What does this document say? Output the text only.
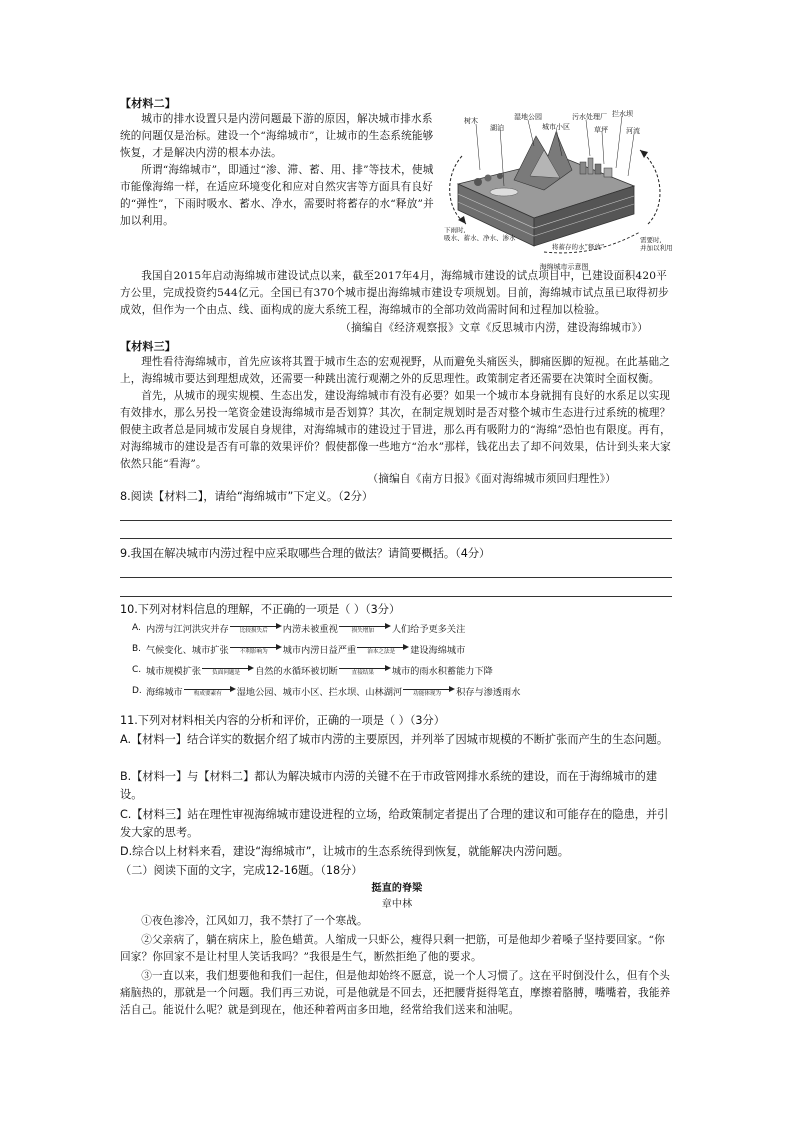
【材料二】
城市的排水设置只是内涝问题最下游的原因，解决城市排水系统的问题仅是治标。建设一个“海绵城市”，让城市的生态系统能够恢复，才是解决内涝的根本办法。
所谓“海绵城市”，即通过“渗、滞、蓄、用、排”等技术，使城市能像海绵一样，在适应环境变化和应对自然灾害等方面具有良好的“弹性”，下雨时吸水、蓄水、净水，需要时将蓄存的水“释放”并加以利用。
树木
湖泊
湿地公园
城市小区
污水处理厂
草坪
拦水坝
河流
下雨时,
吸水、蓄水、净水、渗水
将蓄存的水“释放”
需要时,
并加以利用
海绵城市示意图
我国自2015年启动海绵城市建设试点以来，截至2017年4月，海绵城市建设的试点项目中，已建设面积420平方公里，完成投资约544亿元。全国已有370个城市提出海绵城市建设专项规划。目前，海绵城市试点虽已取得初步成效，但作为一个由点、线、面构成的庞大系统工程，海绵城市的全部功效尚需时间和过程加以检验。
（摘编自《经济观察报》文章《反思城市内涝，建设海绵城市》）
【材料三】
理性看待海绵城市，首先应该将其置于城市生态的宏观视野，从而避免头痛医头，脚痛医脚的短视。在此基础之上，海绵城市要达到理想成效，还需要一种跳出流行观潮之外的反思理性。政策制定者还需要在决策时全面权衡。
首先，从城市的现实规模、生态出发，建设海绵城市有没有必要？如果一个城市本身就拥有良好的水系足以实现有效排水，那么另投一笔资金建设海绵城市是否划算？其次，在制定规划时是否对整个城市生态进行过系统的梳理？假使主政者总是同城市发展自身规律，对海绵城市的建设过于冒进，那么再有吸附力的“海绵”恐怕也有限度。再有，对海绵城市的建设是否有可靠的效果评价？假使都像一些地方“治水”那样，钱花出去了却不问效果，估计到头来大家依然只能“看海”。
（摘编自《南方日报》《面对海绵城市须回归理性》）
8.阅读【材料二】，请给“海绵城市”下定义。（2分）
9.我国在解决城市内涝过程中应采取哪些合理的做法？请简要概括。（4分）
10.下列对材料信息的理解，不正确的一项是（ ）（3分）
A. 内涝与江河洪灾并存	比较损失后	内涝未被重视	损失增加	人们给予更多关注
B. 气候变化、城市扩张	不利影响为	城市内涝日益严重	治本之法是	建设海绵城市
C. 城市规模扩张	负面问题是	自然的水循环被切断	直接结果	城市的雨水积蓄能力下降
D. 海绵城市	构成要素有	湿地公园、城市小区、拦水坝、山林湖河	功能体现为	积存与渗透雨水
11.下列对材料相关内容的分析和评价，正确的一项是（ ）（3分）
A.【材料一】结合详实的数据介绍了城市内涝的主要原因，并列举了因城市规模的不断扩张而产生的生态问题。
B.【材料一】与【材料二】都认为解决城市内涝的关键不在于市政管网排水系统的建设，而在于海绵城市的建设。
C.【材料三】站在理性审视海绵城市建设进程的立场，给政策制定者提出了合理的建议和可能存在的隐患，并引发大家的思考。
D.综合以上材料来看，建设“海绵城市”，让城市的生态系统得到恢复，就能解决内涝问题。
（二）阅读下面的文字，完成12-16题。（18分）
挺直的脊梁
章中林
①夜色渗冷，江风如刀，我不禁打了一个寒战。
②父亲病了，躺在病床上，脸色蜡黄。人缩成一只虾公，瘦得只剩一把筋，可是他却少着嗓子坚持要回家。“你回家？你回家不是让村里人笑话我吗？”我很是生气，断然拒绝了他的要求。
③一直以来，我们想要他和我们一起住，但是他却始终不愿意，说一个人习惯了。这在平时倒没什么，但有个头痛脑热的，那就是一个问题。我们再三劝说，可是他就是不回去，还把腰背挺得笔直，摩擦着胳膊，嘴嘴着，我能养活自己。能说什么呢？就是到现在，他还种着两亩多田地，经常给我们送来和油呢。
